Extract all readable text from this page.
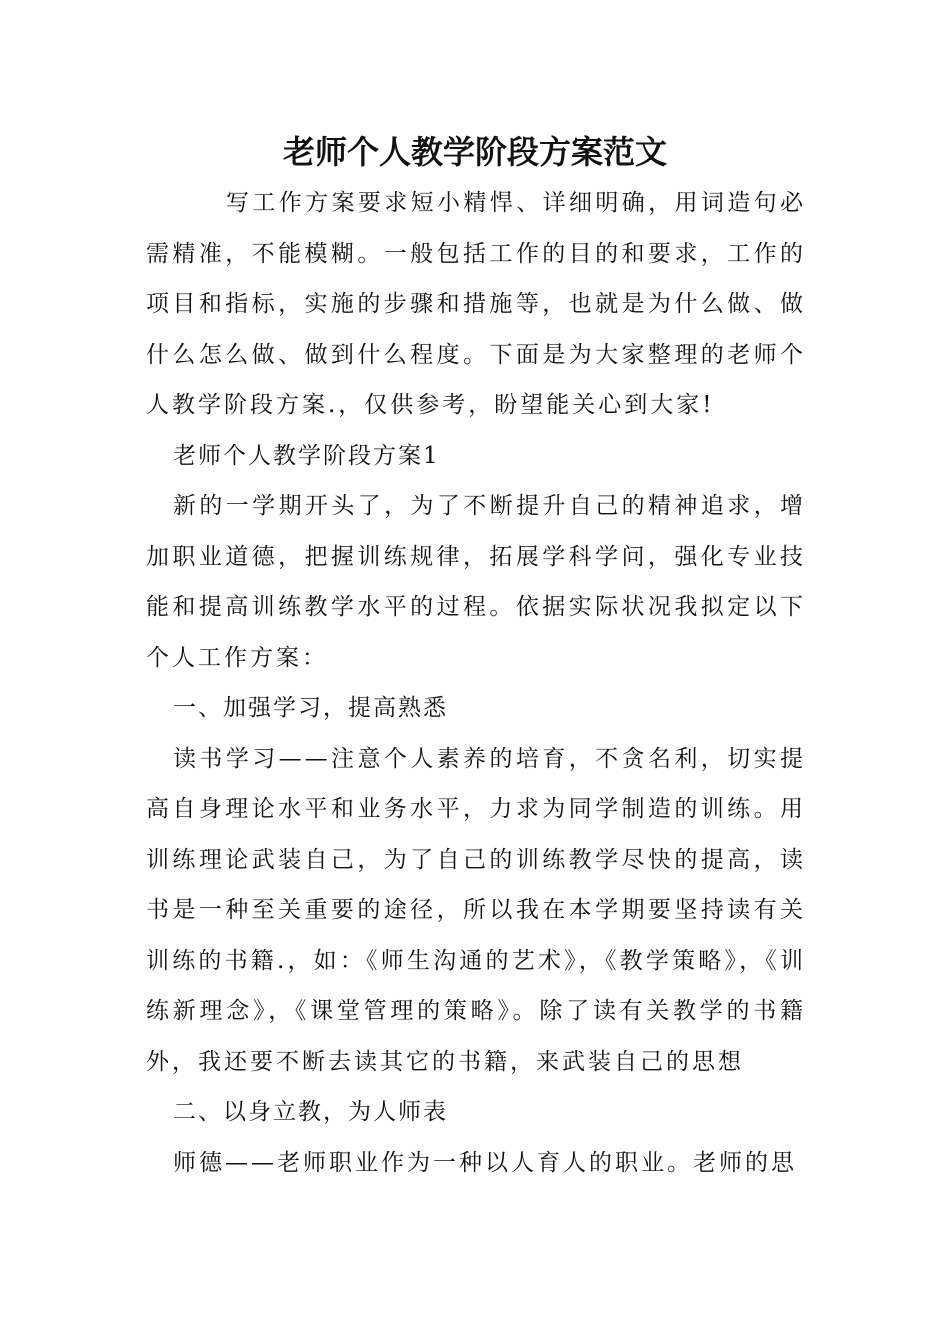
老师个人教学阶段方案范文

写工作方案要求短小精悍、详细明确，用词造句必需精准，不能模糊。一般包括工作的目的和要求，工作的项目和指标，实施的步骤和措施等，也就是为什么做、做什么怎么做、做到什么程度。下面是为大家整理的老师个人教学阶段方案.，仅供参考，盼望能关心到大家!

老师个人教学阶段方案1

新的一学期开头了，为了不断提升自己的精神追求，增加职业道德，把握训练规律，拓展学科学问，强化专业技能和提高训练教学水平的过程。依据实际状况我拟定以下个人工作方案：

一、加强学习，提高熟悉

读书学习——注意个人素养的培育，不贪名利，切实提高自身理论水平和业务水平，力求为同学制造的训练。用训练理论武装自己，为了自己的训练教学尽快的提高，读书是一种至关重要的途径，所以我在本学期要坚持读有关训练的书籍.，如：《师生沟通的艺术》，《教学策略》，《训练新理念》，《课堂管理的策略》。除了读有关教学的书籍外，我还要不断去读其它的书籍，来武装自己的思想

二、以身立教，为人师表

师德——老师职业作为一种以人育人的职业。老师的思
